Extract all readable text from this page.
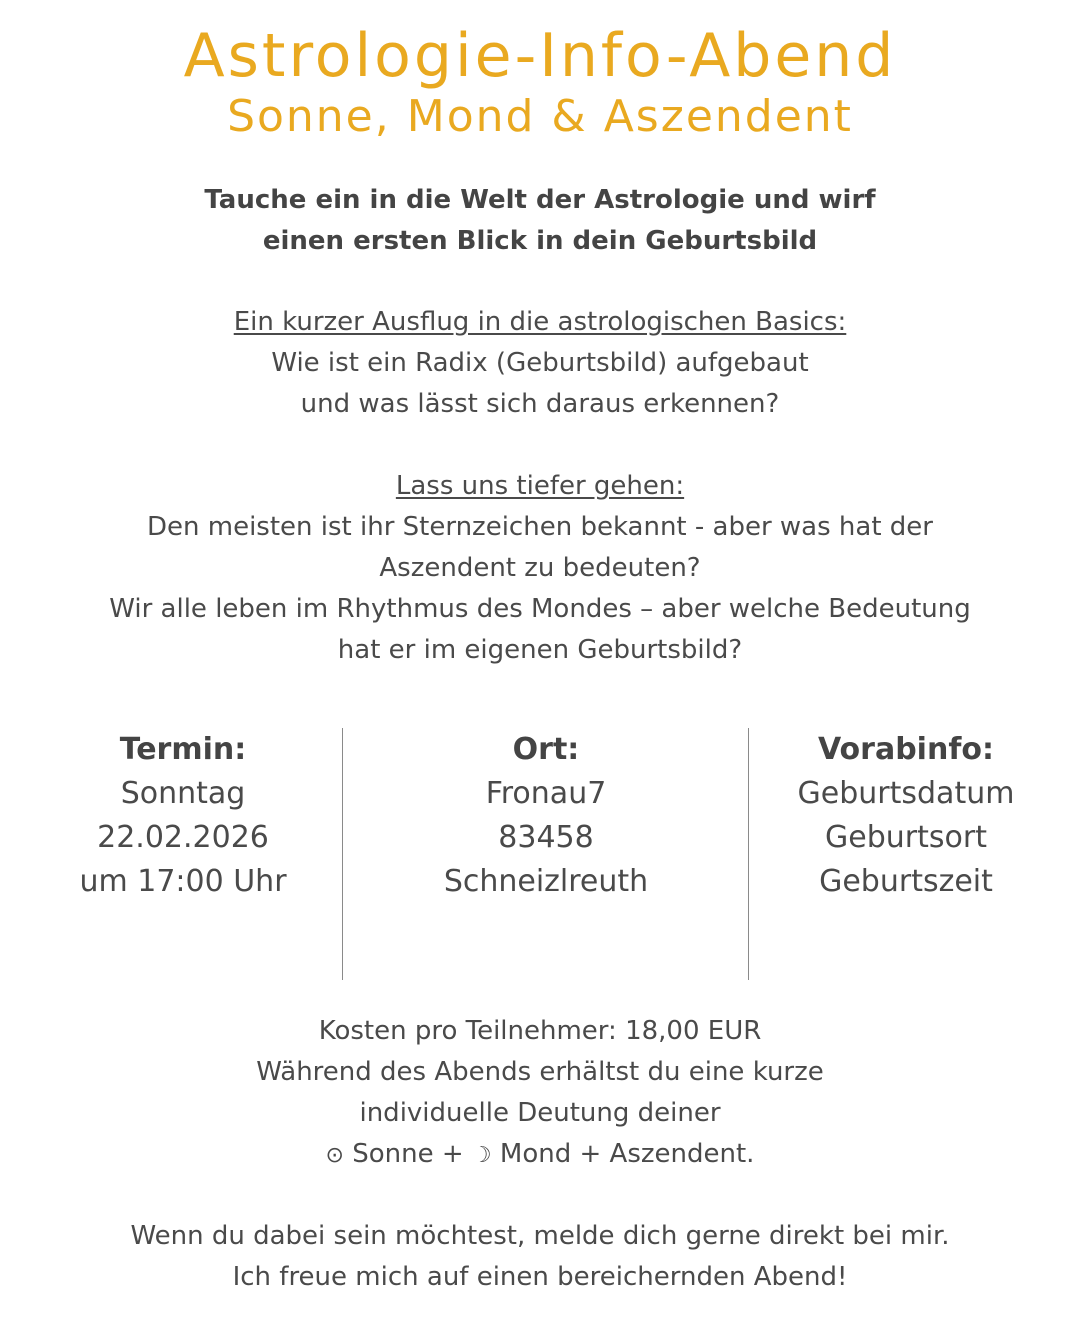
Astrologie-Info-Abend
Sonne, Mond & Aszendent
Tauche ein in die Welt der Astrologie und wirf
einen ersten Blick in dein Geburtsbild
Ein kurzer Ausflug in die astrologischen Basics:
Wie ist ein Radix (Geburtsbild) aufgebaut
und was lässt sich daraus erkennen?
Lass uns tiefer gehen:
Den meisten ist ihr Sternzeichen bekannt - aber was hat der
Aszendent zu bedeuten?
Wir alle leben im Rhythmus des Mondes – aber welche Bedeutung
hat er im eigenen Geburtsbild?
Termin:
Sonntag
22.02.2026
um 17:00 Uhr
Ort:
Fronau7
83458
Schneizlreuth
Vorabinfo:
Geburtsdatum
Geburtsort
Geburtszeit
Kosten pro Teilnehmer: 18,00 EUR
Während des Abends erhältst du eine kurze
individuelle Deutung deiner
⊙ Sonne + ☽ Mond + Aszendent.
Wenn du dabei sein möchtest, melde dich gerne direkt bei mir.
Ich freue mich auf einen bereichernden Abend!
